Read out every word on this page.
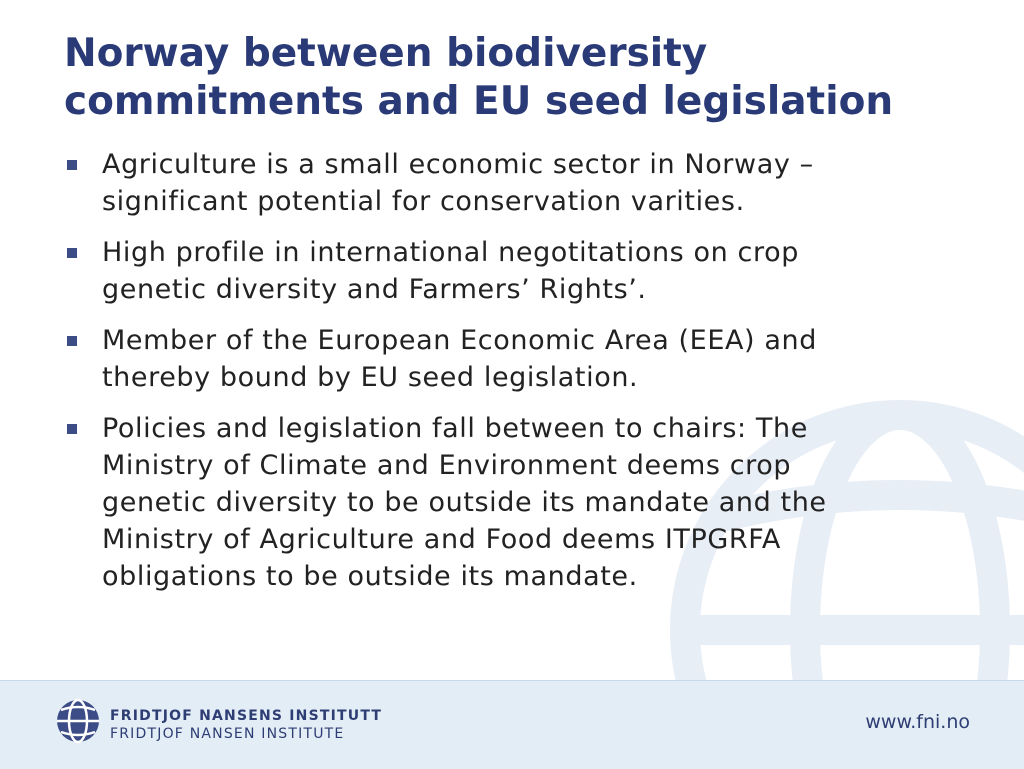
Norway between biodiversity
commitments and EU seed legislation
Agriculture is a small economic sector in Norway –
significant potential for conservation varities.
High profile in international negotitations on crop
genetic diversity and Farmers’ Rights’.
Member of the European Economic Area (EEA) and
thereby bound by EU seed legislation.
Policies and legislation fall between to chairs: The
Ministry of Climate and Environment deems crop
genetic diversity to be outside its mandate and the
Ministry of Agriculture and Food deems ITPGRFA
obligations to be outside its mandate.
FRIDTJOF NANSENS INSTITUTT
FRIDTJOF NANSEN INSTITUTE
www.fni.no
